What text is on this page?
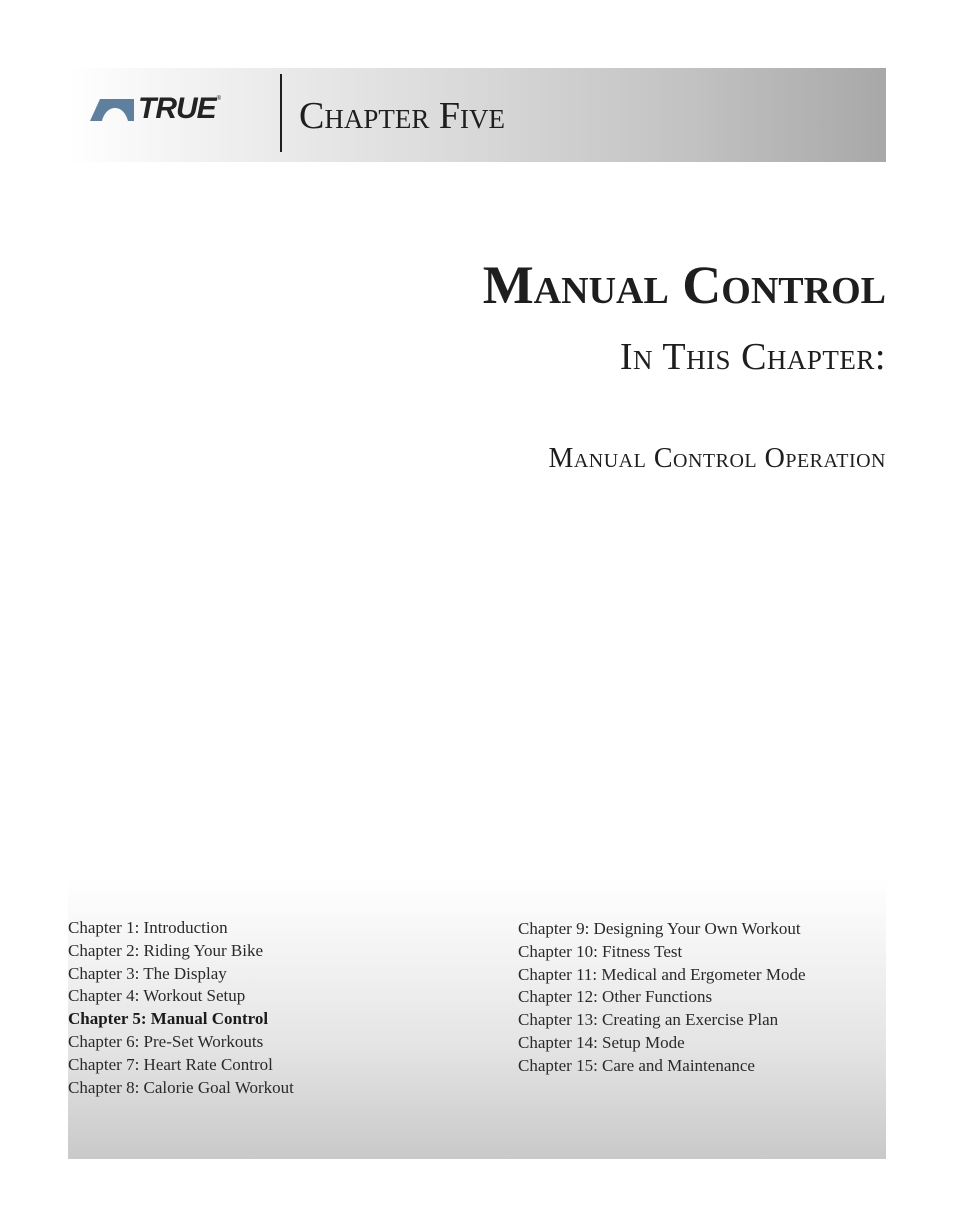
TRUE ® Chapter Five
Manual Control
In This Chapter:
Manual Control Operation
Chapter 1: Introduction
Chapter 2: Riding Your Bike
Chapter 3: The Display
Chapter 4: Workout Setup
Chapter 5: Manual Control
Chapter 6: Pre-Set Workouts
Chapter 7: Heart Rate Control
Chapter 8: Calorie Goal Workout
Chapter 9: Designing Your Own Workout
Chapter 10: Fitness Test
Chapter 11: Medical and Ergometer Mode
Chapter 12: Other Functions
Chapter 13: Creating an Exercise Plan
Chapter 14: Setup Mode
Chapter 15: Care and Maintenance
